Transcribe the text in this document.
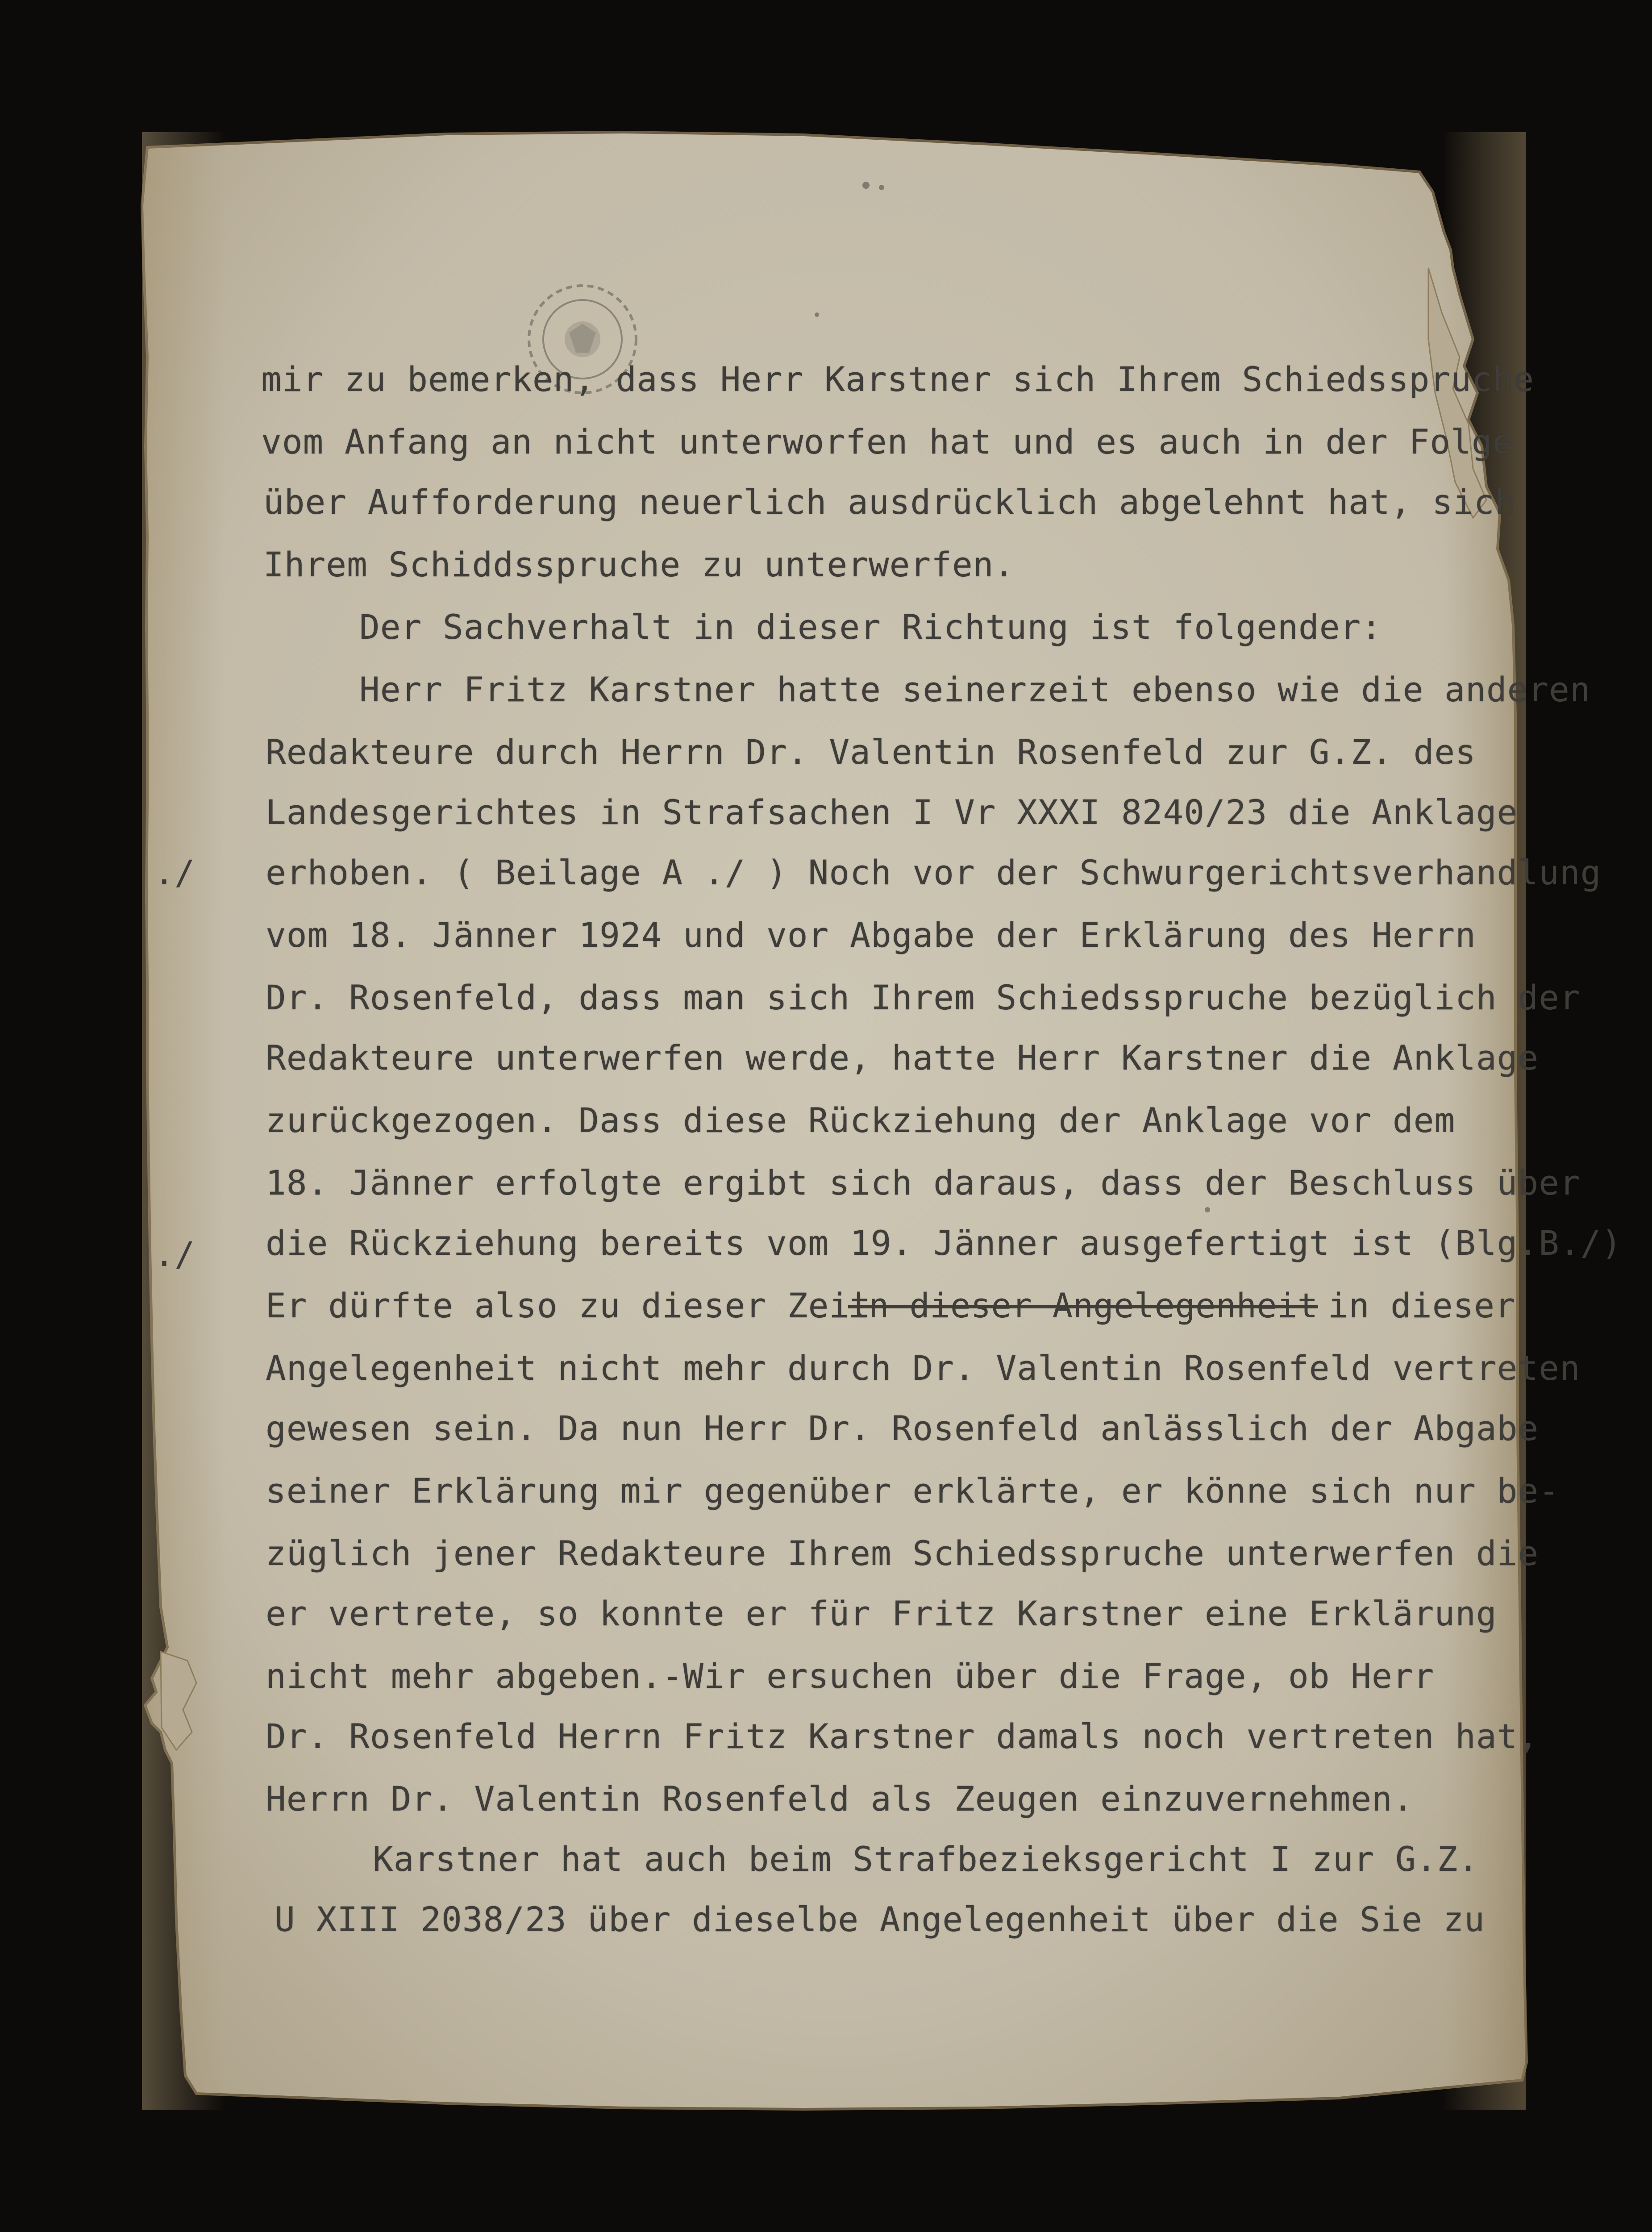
mir zu bemerken, dass Herr Karstner sich Ihrem Schiedsspruche

vom Anfang an nicht unterworfen hat und es auch in der Folge

über Aufforderung neuerlich ausdrücklich abgelehnt hat, sich

Ihrem Schiddsspruche zu unterwerfen.

Der Sachverhalt in dieser Richtung ist folgender:

Herr Fritz Karstner hatte seinerzeit ebenso wie die anderen

Redakteure durch Herrn Dr. Valentin Rosenfeld zur G.Z. des

Landesgerichtes in Strafsachen I Vr XXXI 8240/23 die Anklage

erhoben. ( Beilage A ./ ) Noch vor der Schwurgerichtsverhandlung

vom 18. Jänner 1924 und vor Abgabe der Erklärung des Herrn

Dr. Rosenfeld, dass man sich Ihrem Schiedsspruche bezüglich der

Redakteure unterwerfen werde, hatte Herr Karstner die Anklage

zurückgezogen. Dass diese Rückziehung der Anklage vor dem

18. Jänner erfolgte ergibt sich daraus, dass der Beschluss über

die Rückziehung bereits vom 19. Jänner ausgefertigt ist (Blg.B./)

Er dürfte also zu dieser Zeit

in dieser Angelegenheit in dieser

Angelegenheit nicht mehr durch Dr. Valentin Rosenfeld vertreten

gewesen sein. Da nun Herr Dr. Rosenfeld anlässlich der Abgabe

seiner Erklärung mir gegenüber erklärte, er könne sich nur be-

züglich jener Redakteure Ihrem Schiedsspruche unterwerfen die

er vertrete, so konnte er für Fritz Karstner eine Erklärung

nicht mehr abgeben.-Wir ersuchen über die Frage, ob Herr

Dr. Rosenfeld Herrn Fritz Karstner damals noch vertreten hat,

Herrn Dr. Valentin Rosenfeld als Zeugen einzuvernehmen.

Karstner hat auch beim Strafbezieksgericht I zur G.Z.

U XIII 2038/23 über dieselbe Angelegenheit über die Sie zu

./

./
